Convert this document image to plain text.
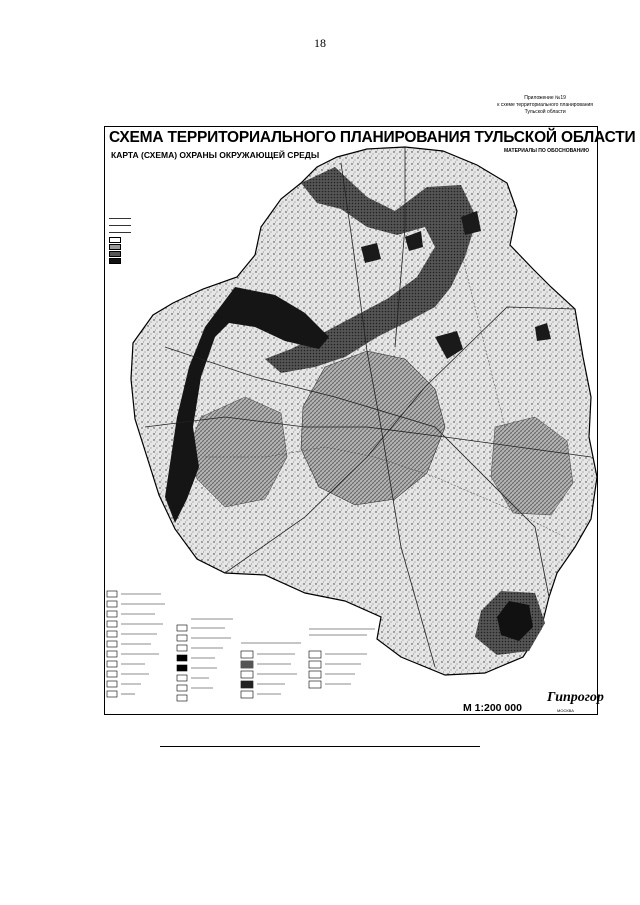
18
Приложение №19
к схеме территориального планирования
Тульской области
СХЕМА ТЕРРИТОРИАЛЬНОГО ПЛАНИРОВАНИЯ ТУЛЬСКОЙ ОБЛАСТИ
КАРТА (СХЕМА) ОХРАНЫ ОКРУЖАЮЩЕЙ СРЕДЫ	МАТЕРИАЛЫ ПО ОБОСНОВАНИЮ
М 1:200 000
Гипрогор
МОСКВА
